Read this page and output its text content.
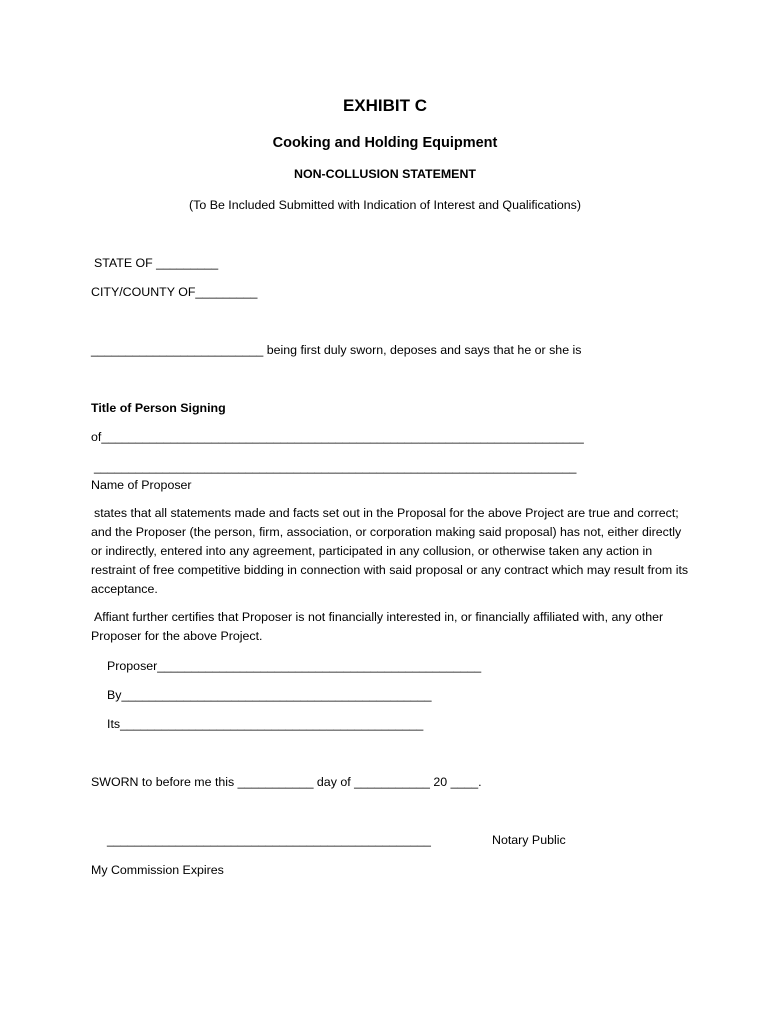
EXHIBIT C

Cooking and Holding Equipment

NON-COLLUSION STATEMENT

(To Be Included Submitted with Indication of Interest and Qualifications)

STATE OF _________

CITY/COUNTY OF_________

_________________________ being first duly sworn, deposes and says that he or she is

Title of Person Signing

of______________________________________________________________________

______________________________________________________________________

Name of Proposer

states that all statements made and facts set out in the Proposal for the above Project are true and correct; and the Proposer (the person, firm, association, or corporation making said proposal) has not, either directly or indirectly, entered into any agreement, participated in any collusion, or otherwise taken any action in restraint of free competitive bidding in connection with said proposal or any contract which may result from its acceptance.

Affiant further certifies that Proposer is not financially interested in, or financially affiliated with, any other Proposer for the above Project.

Proposer_______________________________________________

By_____________________________________________

Its____________________________________________

SWORN to before me this ___________ day of ___________ 20 ____.

_______________________________________________	Notary Public

My Commission Expires
